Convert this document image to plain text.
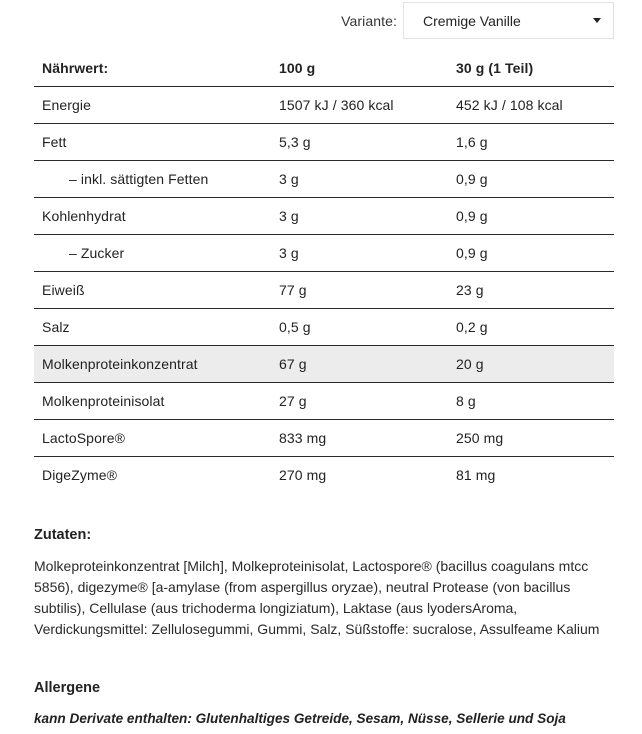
Variante: Cremige Vanille
Nährwert:	100 g	30 g (1 Teil)
Energie	1507 kJ / 360 kcal	452 kJ / 108 kcal
Fett	5,3 g	1,6 g
– inkl. sättigten Fetten	3 g	0,9 g
Kohlenhydrat	3 g	0,9 g
– Zucker	3 g	0,9 g
Eiweiß	77 g	23 g
Salz	0,5 g	0,2 g
Molkenproteinkonzentrat	67 g	20 g
Molkenproteinisolat	27 g	8 g
LactoSpore®	833 mg	250 mg
DigeZyme®	270 mg	81 mg
Zutaten:

Molkeproteinkonzentrat [Milch], Molkeproteinisolat, Lactospore® (bacillus coagulans mtcc 5856), digezyme® [a-amylase (from aspergillus oryzae), neutral Protease (von bacillus subtilis), Cellulase (aus trichoderma longiziatum), Laktase (aus lyodersAroma, Verdickungsmittel: Zellulosegummi, Gummi, Salz, Süßstoffe: sucralose, Assulfeame Kalium

Allergene

kann Derivate enthalten: Glutenhaltiges Getreide, Sesam, Nüsse, Sellerie und Soja
